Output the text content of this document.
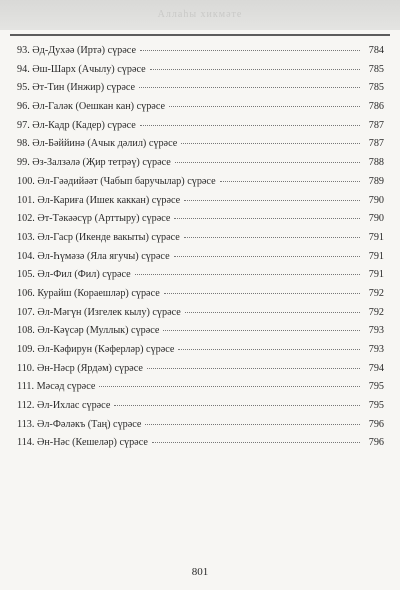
Аллаһы хикмәте
93. Әд-Духәә (Иртә) сүрәсе	784
94. Әш-Шарх (Ачылу) сүрәсе	785
95. Әт-Тин (Инжир) сүрәсе	785
96. Әл-Галәк (Оешкан кан) сүрәсе	786
97. Әл-Кадр (Кадер) сүрәсе	787
98. Әл-Бәййинә (Ачык дәлил) сүрәсе	787
99. Әз-Залзәлә (Җир тетрәү) сүрәсе	788
100. Әл-Гәәдийәәт (Чабып баручылар) сүрәсе	789
101. Әл-Кариға (Ишек каккан) сүрәсе	790
102. Әт-Тәкәәсүр (Арттыру) сүрәсе	790
103. Әл-Гаср (Икенде вакыты) сүрәсе	791
104. Әл-Һүмәзә (Яла ягучы) сүрәсе	791
105. Әл-Фил (Фил) сүрәсе	791
106. Курайш (Кораешләр) сүрәсе	792
107. Әл-Мәгүн (Изгелек кылу) сүрәсе	792
108. Әл-Кәүсәр (Муллык) сүрәсе	793
109. Әл-Кәфирун (Кәферләр) сүрәсе	793
110. Ән-Нәср (Ярдәм) сүрәсе	794
111. Мәсәд сүрәсе	795
112. Әл-Ихлас сүрәсе	795
113. Әл-Фәләкъ (Таң) сүрәсе	796
114. Ән-Нәс (Кешеләр) сүрәсе	796
801
